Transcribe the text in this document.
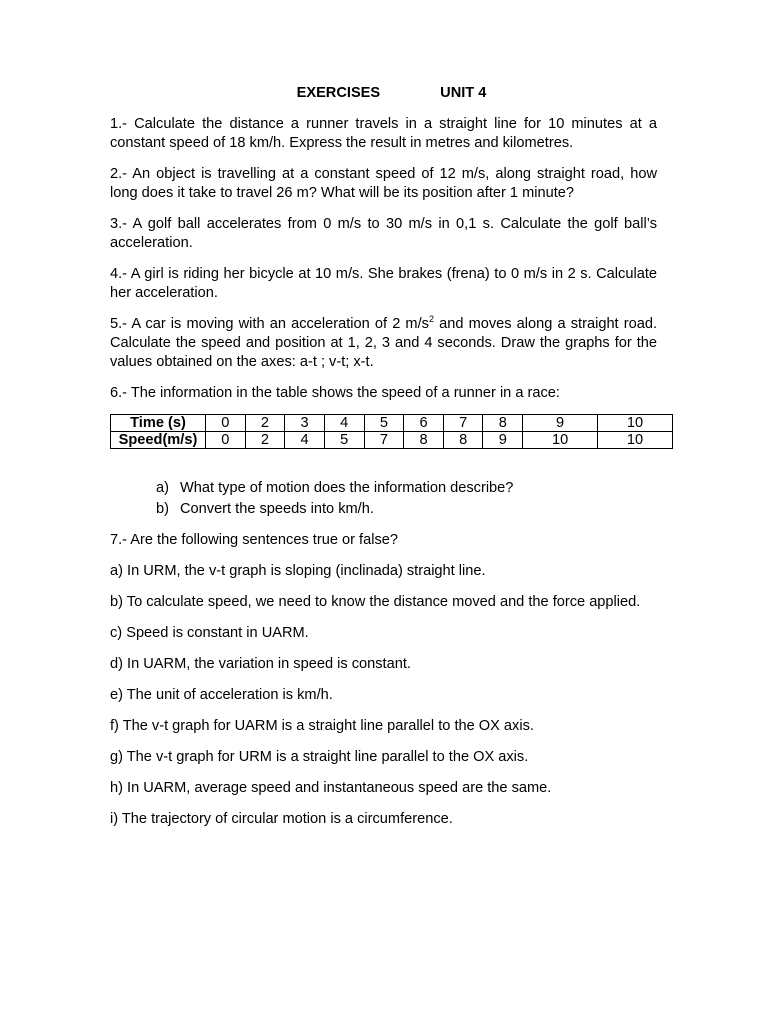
EXERCISES	UNIT 4

1.- Calculate the distance a runner travels in a straight line for 10 minutes at a constant speed of 18 km/h. Express the result in metres and kilometres.

2.- An object is travelling at a constant speed of 12 m/s, along straight road, how long does it take to travel 26 m? What will be its position after 1 minute?

3.- A golf ball accelerates from 0 m/s to 30 m/s in 0,1 s. Calculate the golf ball’s acceleration.

4.- A girl is riding her bicycle at 10 m/s. She brakes (frena) to 0 m/s in 2 s. Calculate her acceleration.

5.- A car is moving with an acceleration of 2 $m/s^2$ and moves along a straight road. Calculate the speed and position at 1, 2, 3 and 4 seconds. Draw the graphs for the values obtained on the axes: a-t ; v-t; x-t.

6.- The information in the table shows the speed of a runner in a race:

Time (s)	0	2	3	4	5	6	7	8	9	10
Speed(m/s)	0	2	4	5	7	8	8	9	10	10
a) What type of motion does the information describe?
b) Convert the speeds into km/h.

7.- Are the following sentences true or false?

a) In URM, the v-t graph is sloping (inclinada) straight line.

b) To calculate speed, we need to know the distance moved and the force applied.

c) Speed is constant in UARM.

d) In UARM, the variation in speed is constant.

e) The unit of acceleration is km/h.

f) The v-t graph for UARM is a straight line parallel to the OX axis.

g) The v-t graph for URM is a straight line parallel to the OX axis.

h) In UARM, average speed and instantaneous speed are the same.

i) The trajectory of circular motion is a circumference.
